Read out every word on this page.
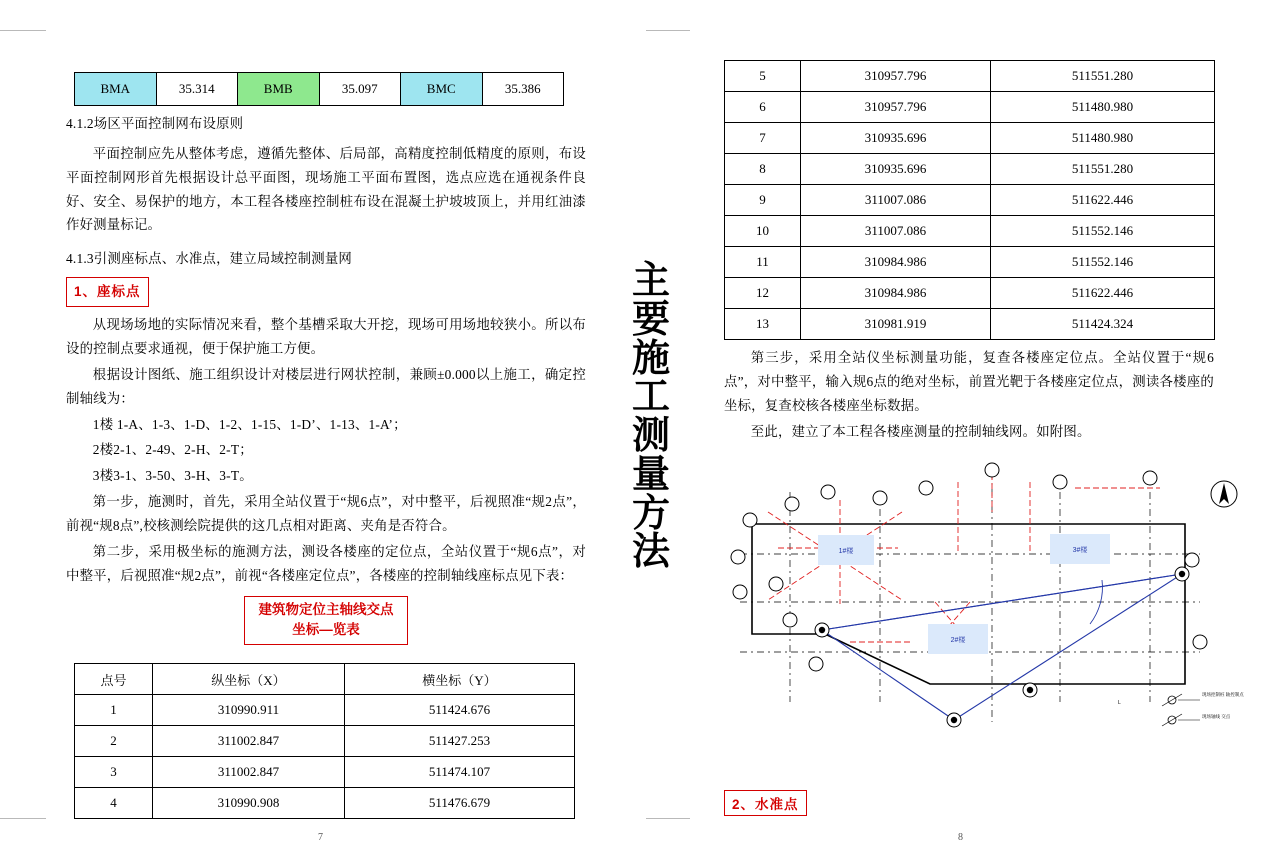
BMA	35.314	BMB	35.097	BMC	35.386

4.1.2场区平面控制网布设原则

平面控制应先从整体考虑，遵循先整体、后局部，高精度控制低精度的原则，布设平面控制网形首先根据设计总平面图，现场施工平面布置图，选点应选在通视条件良好、安全、易保护的地方，本工程各楼座控制桩布设在混凝土护坡坡顶上，并用红油漆作好测量标记。

4.1.3引测座标点、水准点，建立局域控制测量网

1、座标点

从现场场地的实际情况来看，整个基槽采取大开挖，现场可用场地较狭小。所以布设的控制点要求通视，便于保护施工方便。

根据设计图纸、施工组织设计对楼层进行网状控制，兼顾±0.000以上施工，确定控制轴线为：

1楼 1-A、1-3、1-D、1-2、1-15、1-D’、1-13、1-A’；

2楼2-1、2-49、2-H、2-T；

3楼3-1、3-50、3-H、3-T。

第一步，施测时，首先，采用全站仪置于“规6点”，对中整平，后视照准“规2点”，前视“规8点”,校核测绘院提供的这几点相对距离、夹角是否符合。

第二步，采用极坐标的施测方法，测设各楼座的定位点，全站仪置于“规6点”，对中整平，后视照准“规2点”，前视“各楼座定位点”，各楼座的控制轴线座标点见下表：

建筑物定位主轴线交点 坐标—览表
点号	纵坐标（X）	横坐标（Y）
1	310990.911	511424.676
2	311002.847	511427.253
3	311002.847	511474.107
4	310990.908	511476.679
7
主
要
施
工
测
量
方
法
5	310957.796	511551.280
6	310957.796	511480.980
7	310935.696	511480.980
8	310935.696	511551.280
9	311007.086	511622.446
10	311007.086	511552.146
11	310984.986	511552.146
12	310984.986	511622.446
13	310981.919	511424.324

第三步，采用全站仪坐标测量功能，复查各楼座定位点。全站仪置于“规6点”，对中整平，输入规6点的绝对坐标，前置光靶于各楼座定位点，测读各楼座的坐标，复查校核各楼座坐标数据。

至此，建立了本工程各楼座测量的控制轴线网。如附图。

1#楼	3#楼
2#楼
现场控制桩 轴控制点
现场轴线 交点
L
2、水准点
8
